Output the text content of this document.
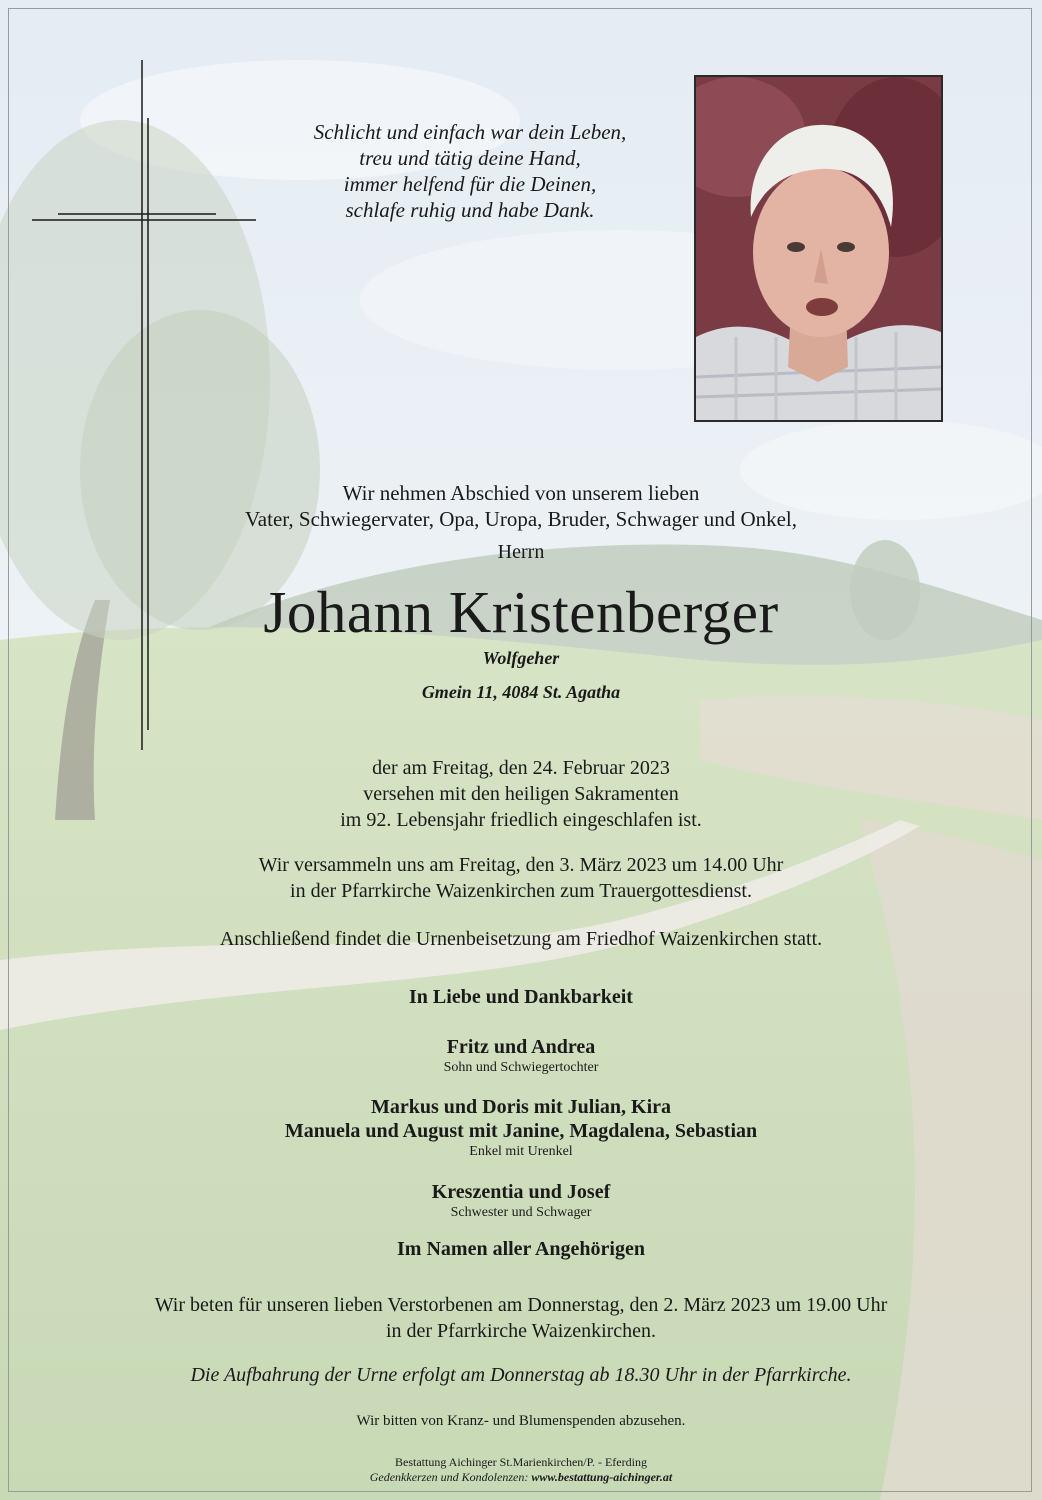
Schlicht und einfach war dein Leben,
treu und tätig deine Hand,
immer helfend für die Deinen,
schlafe ruhig und habe Dank.
Wir nehmen Abschied von unserem lieben
Vater, Schwiegervater, Opa, Uropa, Bruder, Schwager und Onkel,
Herrn
Johann Kristenberger
Wolfgeher
Gmein 11, 4084 St. Agatha
der am Freitag, den 24. Februar 2023
versehen mit den heiligen Sakramenten
im 92. Lebensjahr friedlich eingeschlafen ist.
Wir versammeln uns am Freitag, den 3. März 2023 um 14.00 Uhr
in der Pfarrkirche Waizenkirchen zum Trauergottesdienst.
Anschließend findet die Urnenbeisetzung am Friedhof Waizenkirchen statt.
In Liebe und Dankbarkeit
Fritz und Andrea
Sohn und Schwiegertochter
Markus und Doris mit Julian, Kira
Manuela und August mit Janine, Magdalena, Sebastian
Enkel mit Urenkel
Kreszentia und Josef
Schwester und Schwager
Im Namen aller Angehörigen
Wir beten für unseren lieben Verstorbenen am Donnerstag, den 2. März 2023 um 19.00 Uhr
in der Pfarrkirche Waizenkirchen.
Die Aufbahrung der Urne erfolgt am Donnerstag ab 18.30 Uhr in der Pfarrkirche.
Wir bitten von Kranz- und Blumenspenden abzusehen.
Bestattung Aichinger St.Marienkirchen/P. - Eferding
Gedenkkerzen und Kondolenzen: www.bestattung-aichinger.at
